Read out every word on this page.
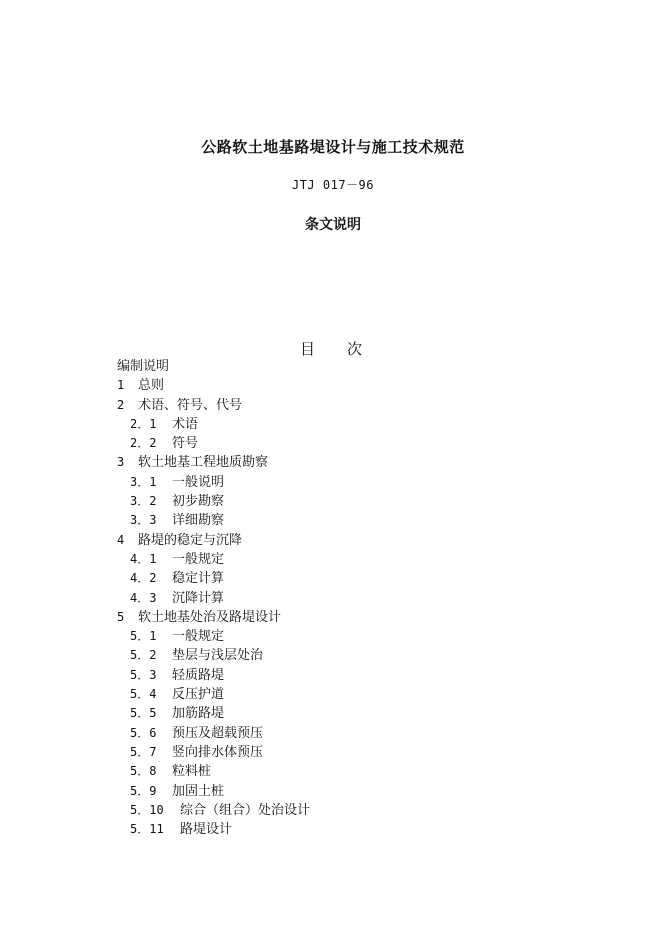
公路软土地基路堤设计与施工技术规范
JTJ 017－96
条文说明
目 次
编制说明
1 总则
2 术语、符号、代号
2．1 术语
2．2 符号
3 软土地基工程地质勘察
3．1 一般说明
3．2 初步勘察
3．3 详细勘察
4 路堤的稳定与沉降
4．1 一般规定
4．2 稳定计算
4．3 沉降计算
5 软土地基处治及路堤设计
5．1 一般规定
5．2 垫层与浅层处治
5．3 轻质路堤
5．4 反压护道
5．5 加筋路堤
5．6 预压及超载预压
5．7 竖向排水体预压
5．8 粒料桩
5．9 加固土桩
5．10 综合（组合）处治设计
5．11 路堤设计
